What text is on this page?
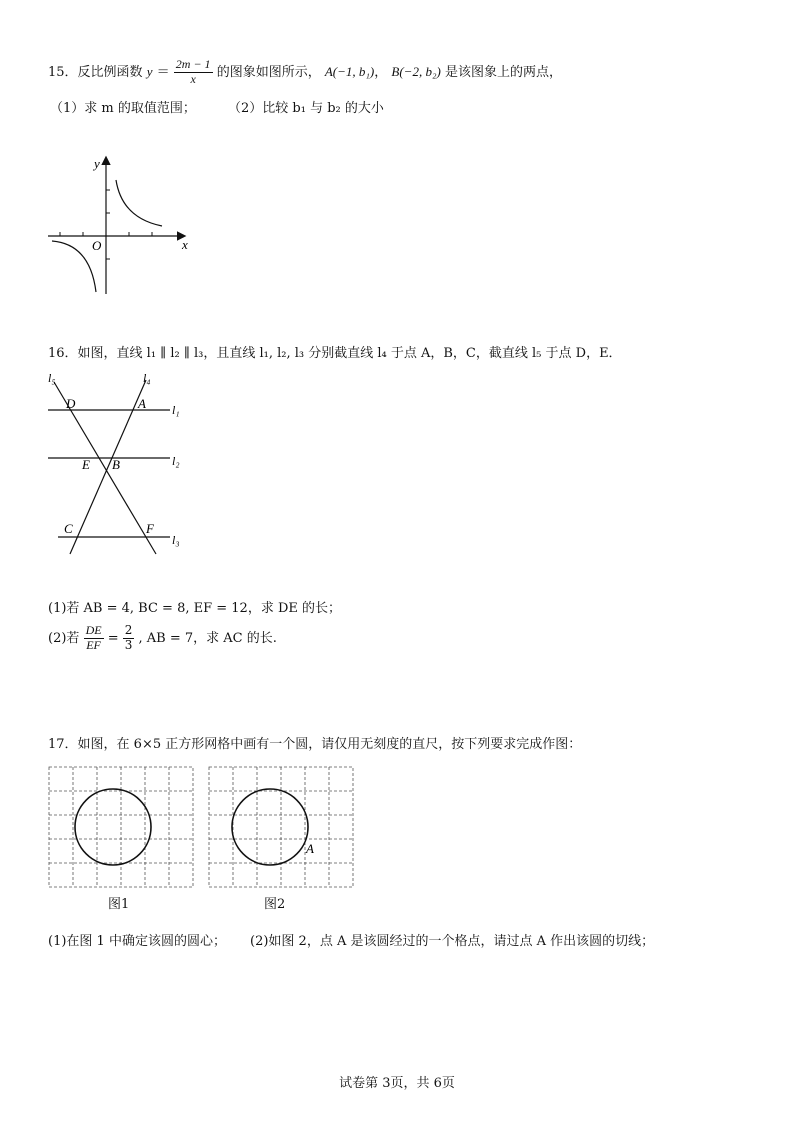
15．反比例函数 $y = \frac{2m - 1}{x}$ 的图象如图所示， A(−1, b₁)， B(−2, b₂) 是该图象上的两点，
（1）求 m 的取值范围； （2）比较 b₁ 与 b₂ 的大小
y
x
O
16．如图，直线 l₁ ∥ l₂ ∥ l₃，且直线 l₁, l₂, l₃ 分别截直线 l₄ 于点 A，B，C，截直线 l₅ 于点 D，E．
l₅	l₄
l₁
l₂
l₃
D	A
E B
C	F
(1)若 AB = 4, BC = 8, EF = 12，求 DE 的长；
(2)若 $\frac{DE}{EF} = \frac{2}{3}$ , AB = 7，求 AC 的长.
17．如图，在 6×5 正方形网格中画有一个圆，请仅用无刻度的直尺，按下列要求完成作图：
图1
A
图2
(1)在图 1 中确定该圆的圆心； (2)如图 2，点 A 是该圆经过的一个格点，请过点 A 作出该圆的切线；
试卷第 3页，共 6页
